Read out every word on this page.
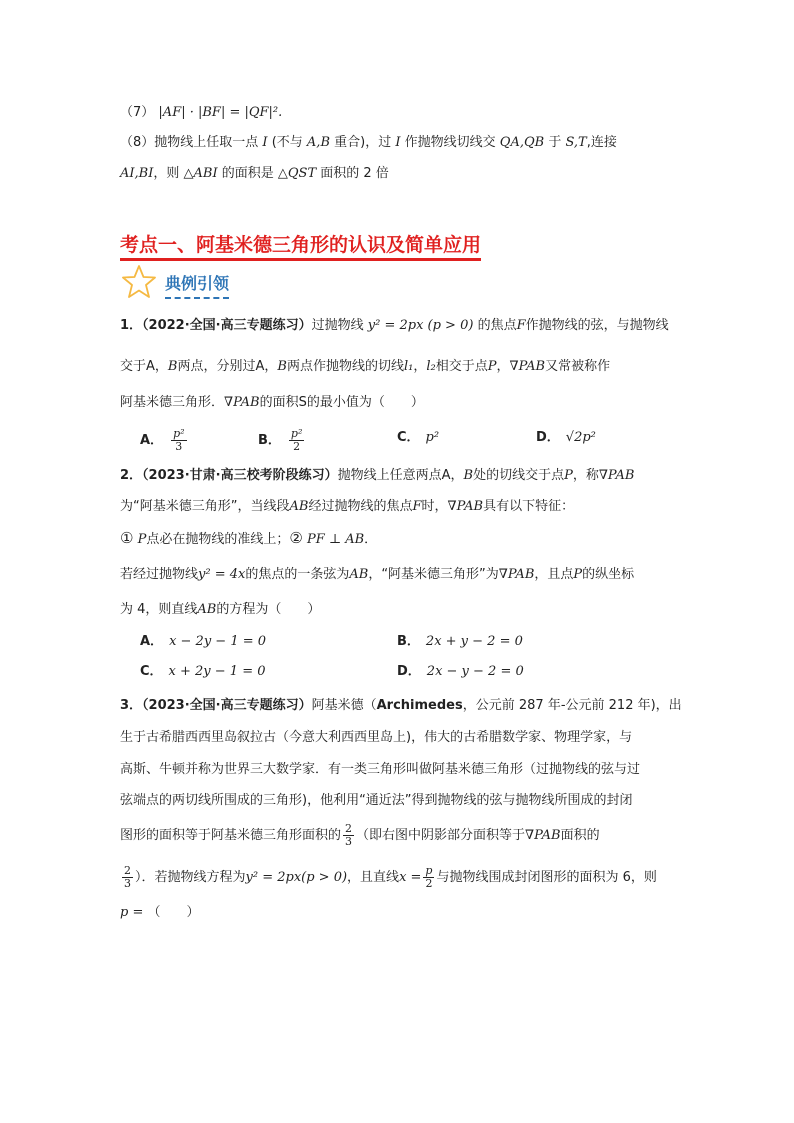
（7） |AF| · |BF| = |QF|².
（8）抛物线上任取一点 I (不与 A,B 重合)，过 I 作抛物线切线交 QA,QB 于 S,T,连接
AI,BI，则 △ABI 的面积是 △QST 面积的 2 倍
考点一、阿基米德三角形的认识及简单应用
典例引领
1．（2022·全国·高三专题练习）过抛物线 y² = 2px (p > 0) 的焦点F作抛物线的弦，与抛物线
交于A，B两点，分别过A，B两点作抛物线的切线l₁，l₂相交于点P，∇PAB又常被称作
阿基米德三角形．∇PAB的面积S的最小值为（　　）
A． $\frac{\text{p²}}{3}$	B． $\frac{\text{p²}}{2}$	C． p²	D． √2p²
2．（2023·甘肃·高三校考阶段练习）抛物线上任意两点A，B处的切线交于点P，称∇PAB
为“阿基米德三角形”，当线段AB经过抛物线的焦点F时，∇PAB具有以下特征：
① P点必在抛物线的准线上；② PF ⊥ AB．
若经过抛物线y² = 4x的焦点的一条弦为AB，“阿基米德三角形”为∇PAB，且点P的纵坐标
为 4，则直线AB的方程为（　　）
A． x − 2y − 1 = 0	B． 2x + y − 2 = 0
C． x + 2y − 1 = 0	D． 2x − y − 2 = 0
3．（2023·全国·高三专题练习）阿基米德（Archimedes，公元前 287 年-公元前 212 年)，出
生于古希腊西西里岛叙拉古（今意大利西西里岛上)，伟大的古希腊数学家、物理学家，与
高斯、牛顿并称为世界三大数学家．有一类三角形叫做阿基米德三角形（过抛物线的弦与过
弦端点的两切线所围成的三角形)，他利用“通近法”得到抛物线的弦与抛物线所围成的封闭
图形的面积等于阿基米德三角形面积的 $\frac{2}{3}$ （即右图中阴影部分面积等于∇PAB面积的
$\frac{2}{3}$ ）．若抛物线方程为y² = 2px(p > 0)，且直线$x = \frac{p}{2}$ 与抛物线围成封闭图形的面积为 6，则
p = （　　）
